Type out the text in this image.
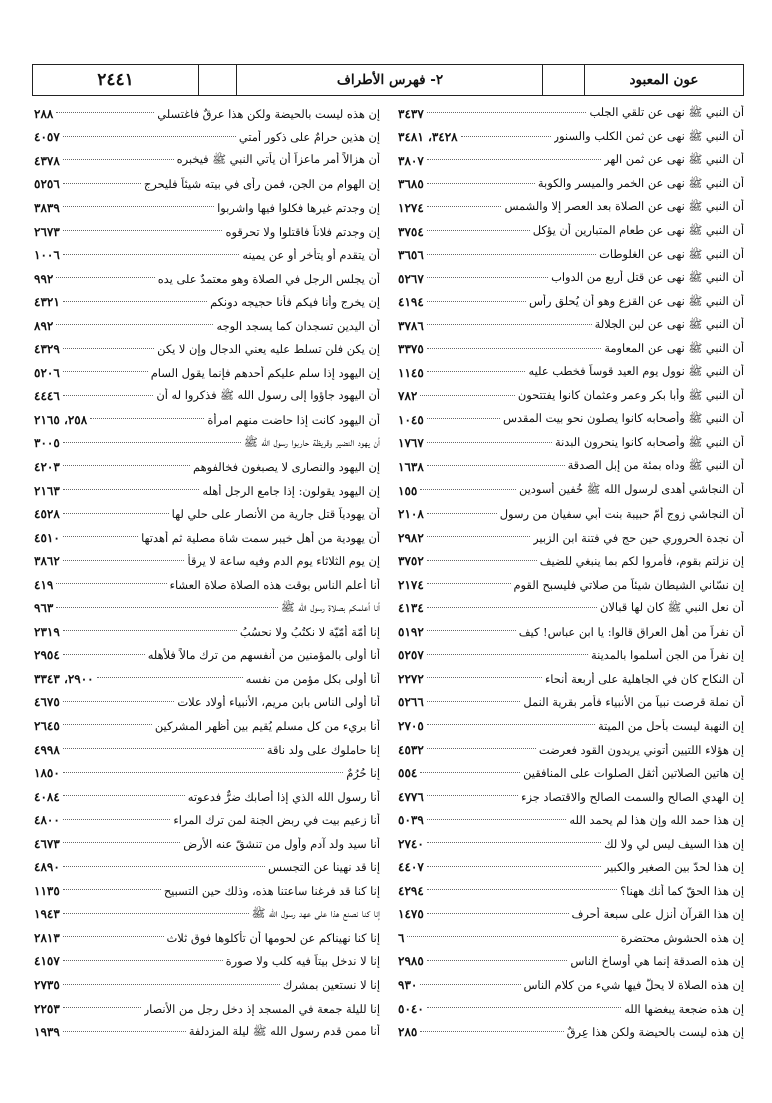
عون المعبود
٢- فهرس الأطراف
٢٤٤١
أن النبي ﷺ نهى عن تلقي الجلب
٣٤٣٧
أن النبي ﷺ نهى عن ثمن الكلب والسنور
٣٤٢٨، ٣٤٨١
أن النبي ﷺ نهى عن ثمن الهر
٣٨٠٧
أن النبي ﷺ نهى عن الخمر والميسر والكوبة
٣٦٨٥
أن النبي ﷺ نهى عن الصلاة بعد العصر إلا والشمس
١٢٧٤
أن النبي ﷺ نهى عن طعام المتبارين أن يؤكل
٣٧٥٤
أن النبي ﷺ نهى عن الغلوطات
٣٦٥٦
أن النبي ﷺ نهى عن قتل أربع من الدواب
٥٢٦٧
أن النبي ﷺ نهى عن القزع وهو أن يُحلق رأس
٤١٩٤
أن النبي ﷺ نهى عن لبن الجلالة
٣٧٨٦
أن النبي ﷺ نهى عن المعاومة
٣٣٧٥
أن النبي ﷺ نوول يوم العيد قوساً فخطب عليه
١١٤٥
أن النبي ﷺ وأبا بكر وعمر وعثمان كانوا يفتتحون
٧٨٢
أن النبي ﷺ وأصحابه كانوا يصلون نحو بيت المقدس
١٠٤٥
أن النبي ﷺ وأصحابه كانوا ينحرون البدنة
١٧٦٧
أن النبي ﷺ وداه بمئة من إبل الصدقة
١٦٣٨
أن النجاشي أهدى لرسول الله ﷺ خُفين أسودين
١٥٥
أن النجاشي زوج أمّ حبيبة بنت أبي سفيان من رسول
٢١٠٨
أن نجدة الحروري حين حج في فتنة ابن الزبير
٢٩٨٢
إن نزلتم بقوم، فأمروا لكم بما ينبغي للضيف
٣٧٥٢
إن نسّاني الشيطان شيئاً من صلاتي فليسبح القوم
٢١٧٤
أن نعل النبي ﷺ كان لها قبالان
٤١٣٤
أن نفراً من أهل العراق قالوا: يا ابن عباس! كيف
٥١٩٢
إن نفراً من الجن أسلموا بالمدينة
٥٢٥٧
أن النكاح كان في الجاهلية على أربعة أنحاء
٢٢٧٢
أن نملة قرصت نبياً من الأنبياء فأمر بقرية النمل
٥٢٦٦
إن النهبة ليست بأحل من الميتة
٢٧٠٥
إن هؤلاء اللتيين أتوني يريدون القود فعرضت
٤٥٣٢
إن هاتين الصلاتين أثقل الصلوات على المنافقين
٥٥٤
إن الهدي الصالح والسمت الصالح والاقتصاد جزء
٤٧٧٦
إن هذا حمد الله وإن هذا لم يحمد الله
٥٠٣٩
إن هذا السيف ليس لي ولا لك
٢٧٤٠
إن هذا لحدّ بين الصغير والكبير
٤٤٠٧
إن هذا الحقّ كما أنك ههنا؟
٤٢٩٤
إن هذا القرآن أنزل على سبعة أحرف
١٤٧٥
إن هذه الحشوش محتضرة
٦
إن هذه الصدقة إنما هي أوساخ الناس
٢٩٨٥
إن هذه الصلاة لا يحلُّ فيها شيء من كلام الناس
٩٣٠
إن هذه ضجعة يبغضها الله
٥٠٤٠
إن هذه ليست بالحيضة ولكن هذا عِرقٌ
٢٨٥
إن هذه ليست بالحيضة ولكن هذا عرقٌ فاغتسلي
٢٨٨
إن هذين حرامٌ على ذكور أمتي
٤٠٥٧
أن هزالاً أمر ماعزاً أن يأتي النبي ﷺ فيخبره
٤٣٧٨
إن الهوام من الجن، فمن رأى في بيته شيئاً فليحرج
٥٢٥٦
إن وجدتم غيرها فكلوا فيها واشربوا
٣٨٣٩
إن وجدتم فلاناً فاقتلوا ولا تحرقوه
٢٦٧٣
أن يتقدم أو يتأخر أو عن يمينه
١٠٠٦
أن يجلس الرجل في الصلاة وهو معتمدٌ على يده
٩٩٢
إن يخرج وأنا فيكم فأنا حجيجه دونكم
٤٣٢١
أن اليدين تسجدان كما يسجد الوجه
٨٩٢
إن يكن فلن تسلط عليه يعني الدجال وإن لا يكن
٤٣٢٩
إن اليهود إذا سلم عليكم أحدهم فإنما يقول السام
٥٢٠٦
أن اليهود جاؤوا إلى رسول الله ﷺ فذكروا له أن
٤٤٤٦
أن اليهود كانت إذا حاضت منهم امرأة
٢٥٨، ٢١٦٥
أن يهود النضير وقريظة حاربوا رسول الله ﷺ
٣٠٠٥
إن اليهود والنصارى لا يصبغون فخالفوهم
٤٢٠٣
إن اليهود يقولون: إذا جامع الرجل أهله
٢١٦٣
أن يهودياً قتل جارية من الأنصار على حلي لها
٤٥٢٨
أن يهودية من أهل خيبر سمت شاة مصلية ثم أهدتها
٤٥١٠
إن يوم الثلاثاء يوم الدم وفيه ساعة لا يرقأ
٣٨٦٢
أنا أعلم الناس بوقت هذه الصلاة صلاة العشاء
٤١٩
أنا أعلمكم بصلاة رسول الله ﷺ
٩٦٣
إنا أمّة أمّيّة لا نكتُبُ ولا نحسُبُ
٢٣١٩
أنا أولى بالمؤمنين من أنفسهم من ترك مالاً فلأهله
٢٩٥٤
أنا أولى بكل مؤمن من نفسه
٢٩٠٠، ٣٣٤٣
أنا أولى الناس بابن مريم، الأنبياء أولاد علات
٤٦٧٥
أنا بريء من كل مسلم يُقيم بين أظهر المشركين
٢٦٤٥
إنا حاملوك على ولد ناقة
٤٩٩٨
إنا حُرُمٌ
١٨٥٠
أنا رسول الله الذي إذا أصابك ضرٌّ فدعوته
٤٠٨٤
أنا زعيم بيت في ربض الجنة لمن ترك المراء
٤٨٠٠
أنا سيد ولد آدم وأول من تنشقّ عنه الأرض
٤٦٧٣
إنا قد نهينا عن التجسس
٤٨٩٠
إنا كنا قد فرغنا ساعتنا هذه، وذلك حين التسبيح
١١٣٥
إنا كنا نصنع هذا على عهد رسول الله ﷺ
١٩٤٣
إنا كنا نهيناكم عن لحومها أن تأكلوها فوق ثلاث
٢٨١٣
إنا لا ندخل بيتاً فيه كلب ولا صورة
٤١٥٧
إنا لا نستعين بمشرك
٢٧٣٥
إنا لليلة جمعة في المسجد إذ دخل رجل من الأنصار
٢٢٥٣
أنا ممن قدم رسول الله ﷺ ليلة المزدلفة
١٩٣٩
